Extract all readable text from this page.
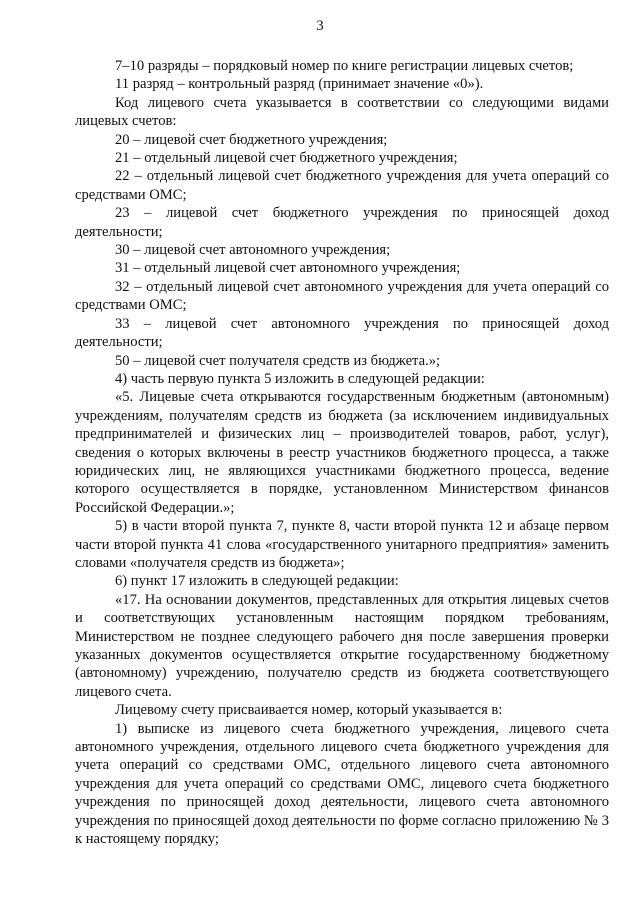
3

7–10 разряды – порядковый номер по книге регистрации лицевых счетов;

11 разряд – контрольный разряд (принимает значение «0»).

Код лицевого счета указывается в соответствии со следующими видами лицевых счетов:

20 – лицевой счет бюджетного учреждения;

21 – отдельный лицевой счет бюджетного учреждения;

22 – отдельный лицевой счет бюджетного учреждения для учета операций со средствами ОМС;

23 – лицевой счет бюджетного учреждения по приносящей доход деятельности;

30 – лицевой счет автономного учреждения;

31 – отдельный лицевой счет автономного учреждения;

32 – отдельный лицевой счет автономного учреждения для учета операций со средствами ОМС;

33 – лицевой счет автономного учреждения по приносящей доход деятельности;

50 – лицевой счет получателя средств из бюджета.»;

4) часть первую пункта 5 изложить в следующей редакции:

«5. Лицевые счета открываются государственным бюджетным (автономным) учреждениям, получателям средств из бюджета (за исключением индивидуальных предпринимателей и физических лиц – производителей товаров, работ, услуг), сведения о которых включены в реестр участников бюджетного процесса, а также юридических лиц, не являющихся участниками бюджетного процесса, ведение которого осуществляется в порядке, установленном Министерством финансов Российской Федерации.»;

5) в части второй пункта 7, пункте 8, части второй пункта 12 и абзаце первом части второй пункта 41 слова «государственного унитарного предприятия» заменить словами «получателя средств из бюджета»;

6) пункт 17 изложить в следующей редакции:

«17. На основании документов, представленных для открытия лицевых счетов и соответствующих установленным настоящим порядком требованиям, Министерством не позднее следующего рабочего дня после завершения проверки указанных документов осуществляется открытие государственному бюджетному (автономному) учреждению, получателю средств из бюджета соответствующего лицевого счета.

Лицевому счету присваивается номер, который указывается в:

1) выписке из лицевого счета бюджетного учреждения, лицевого счета автономного учреждения, отдельного лицевого счета бюджетного учреждения для учета операций со средствами ОМС, отдельного лицевого счета автономного учреждения для учета операций со средствами ОМС, лицевого счета бюджетного учреждения по приносящей доход деятельности, лицевого счета автономного учреждения по приносящей доход деятельности по форме согласно приложению № 3 к настоящему порядку;
